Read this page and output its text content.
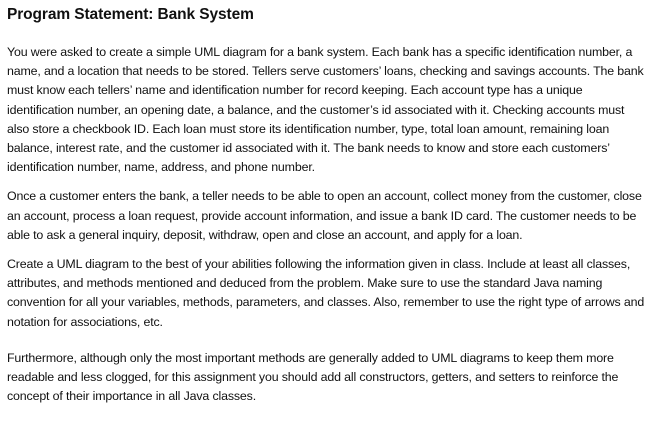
Program Statement: Bank System

You were asked to create a simple UML diagram for a bank system. Each bank has a specific identification number, a name, and a location that needs to be stored. Tellers serve customers’ loans, checking and savings accounts. The bank must know each tellers’ name and identification number for record keeping. Each account type has a unique identification number, an opening date, a balance, and the customer’s id associated with it. Checking accounts must also store a checkbook ID. Each loan must store its identification number, type, total loan amount, remaining loan balance, interest rate, and the customer id associated with it. The bank needs to know and store each customers’ identification number, name, address, and phone number.

Once a customer enters the bank, a teller needs to be able to open an account, collect money from the customer, close an account, process a loan request, provide account information, and issue a bank ID card. The customer needs to be able to ask a general inquiry, deposit, withdraw, open and close an account, and apply for a loan.

Create a UML diagram to the best of your abilities following the information given in class. Include at least all classes, attributes, and methods mentioned and deduced from the problem. Make sure to use the standard Java naming convention for all your variables, methods, parameters, and classes. Also, remember to use the right type of arrows and notation for associations, etc.

Furthermore, although only the most important methods are generally added to UML diagrams to keep them more readable and less clogged, for this assignment you should add all constructors, getters, and setters to reinforce the concept of their importance in all Java classes.
